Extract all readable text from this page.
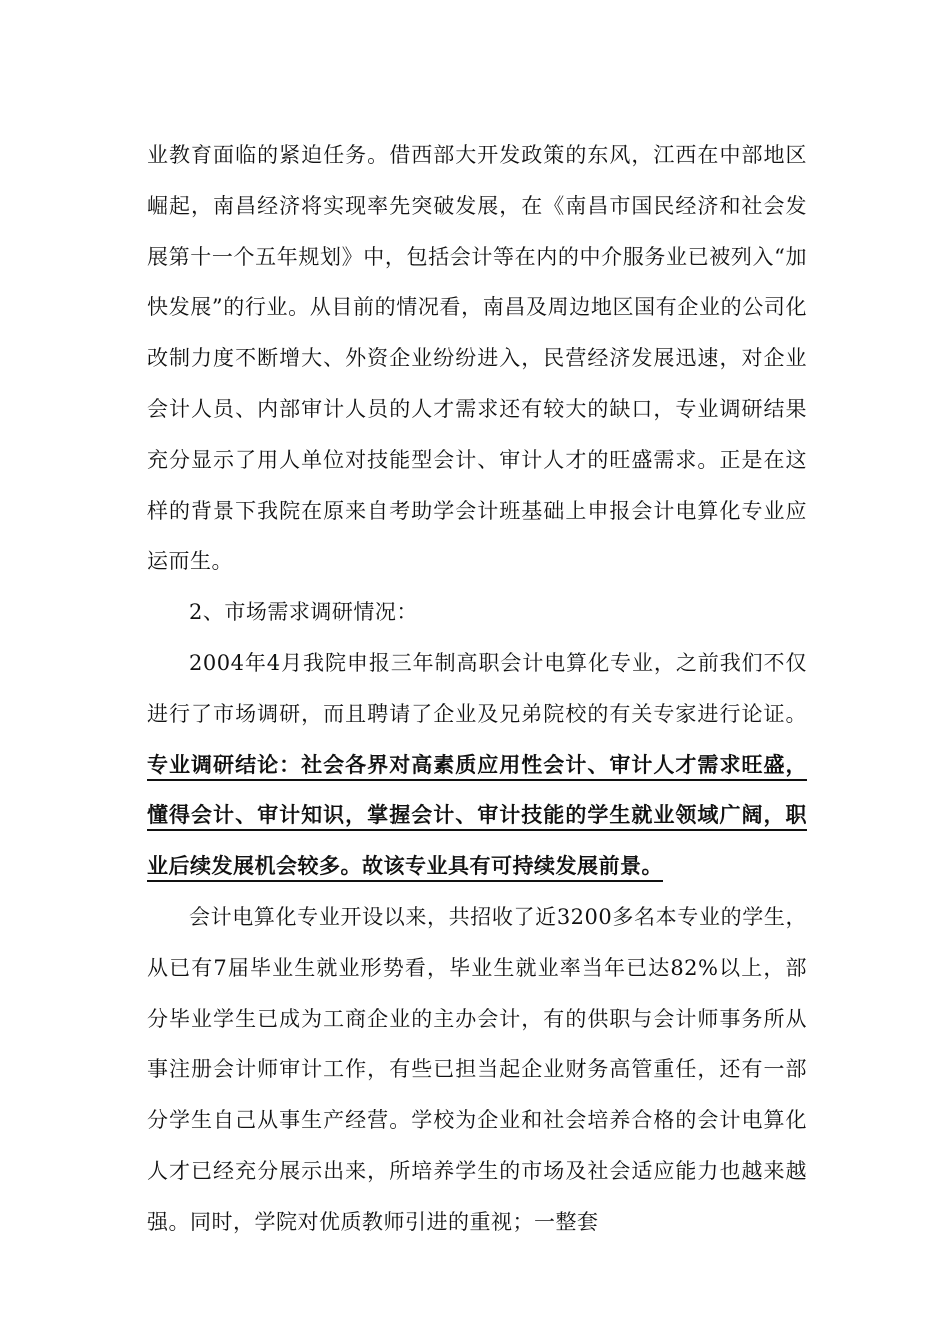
业教育面临的紧迫任务。借西部大开发政策的东风，江西在中部地区崛起，南昌经济将实现率先突破发展，在《南昌市国民经济和社会发展第十一个五年规划》中，包括会计等在内的中介服务业已被列入“加快发展”的行业。从目前的情况看，南昌及周边地区国有企业的公司化改制力度不断增大、外资企业纷纷进入，民营经济发展迅速，对企业会计人员、内部审计人员的人才需求还有较大的缺口，专业调研结果充分显示了用人单位对技能型会计、审计人才的旺盛需求。正是在这样的背景下我院在原来自考助学会计班基础上申报会计电算化专业应运而生。

2、市场需求调研情况：

2004年4月我院申报三年制高职会计电算化专业，之前我们不仅进行了市场调研，而且聘请了企业及兄弟院校的有关专家进行论证。专业调研结论：社会各界对高素质应用性会计、审计人才需求旺盛，懂得会计、审计知识，掌握会计、审计技能的学生就业领域广阔，职业后续发展机会较多。故该专业具有可持续发展前景。

会计电算化专业开设以来，共招收了近3200多名本专业的学生，从已有7届毕业生就业形势看，毕业生就业率当年已达82%以上，部分毕业学生已成为工商企业的主办会计，有的供职与会计师事务所从事注册会计师审计工作，有些已担当起企业财务高管重任，还有一部分学生自己从事生产经营。学校为企业和社会培养合格的会计电算化人才已经充分展示出来，所培养学生的市场及社会适应能力也越来越强。同时，学院对优质教师引进的重视；一整套
